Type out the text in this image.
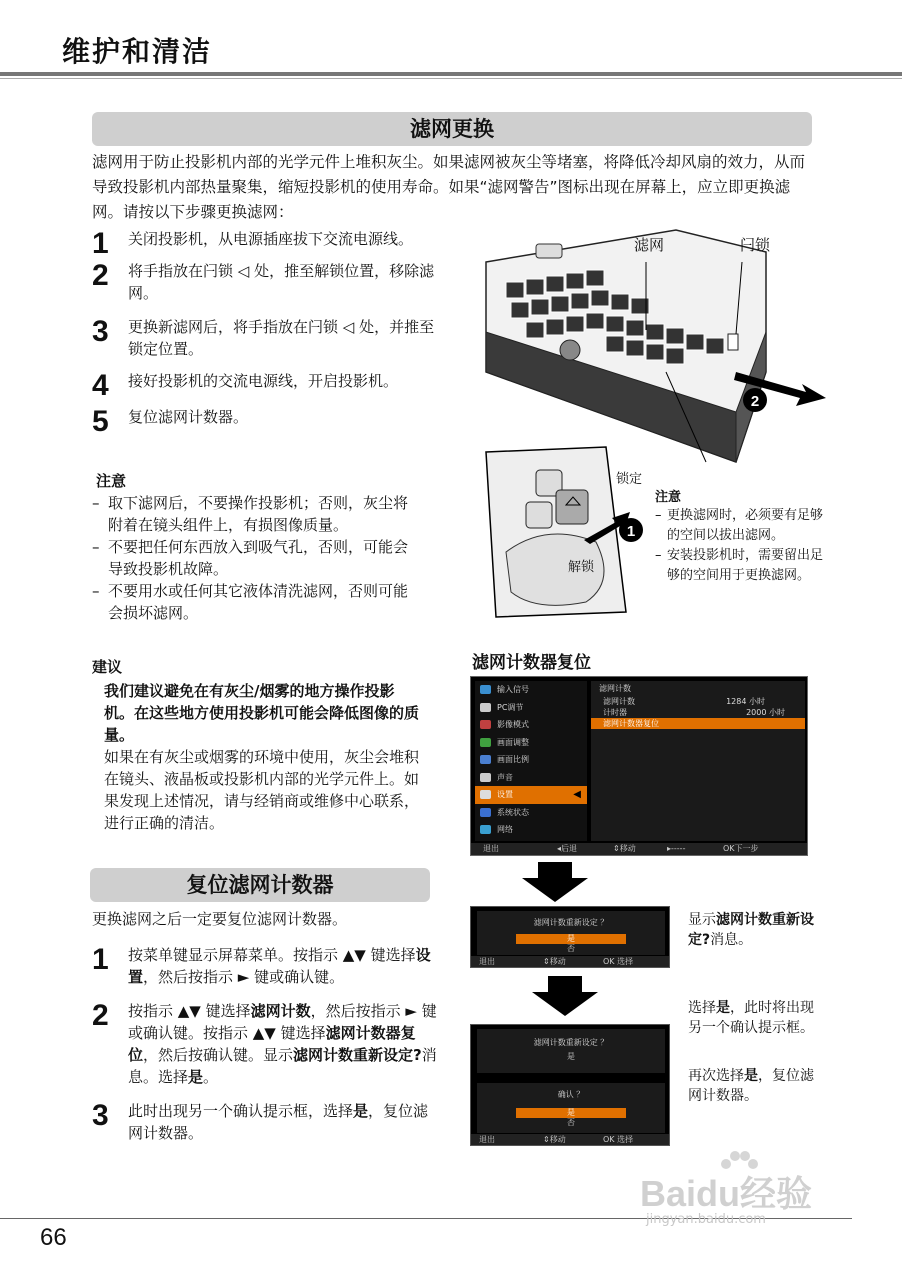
维护和清洁
滤网更换
滤网用于防止投影机内部的光学元件上堆积灰尘。如果滤网被灰尘等堵塞，将降低冷却风扇的效力，从而导致投影机内部热量聚集，缩短投影机的使用寿命。如果“滤网警告”图标出现在屏幕上，应立即更换滤网。请按以下步骤更换滤网：
1 关闭投影机，从电源插座拔下交流电源线。
2 将手指放在闩锁 ◁ 处，推至解锁位置，移除滤网。
3 更换新滤网后，将手指放在闩锁 ◁ 处，并推至锁定位置。
4 接好投影机的交流电源线，开启投影机。
5 复位滤网计数器。
注意
– 取下滤网后，不要操作投影机；否则，灰尘将附着在镜头组件上，有损图像质量。
– 不要把任何东西放入到吸气孔，否则，可能会导致投影机故障。
– 不要用水或任何其它液体清洗滤网，否则可能会损坏滤网。
建议
我们建议避免在有灰尘/烟雾的地方操作投影机。在这些地方使用投影机可能会降低图像的质量。
如果在有灰尘或烟雾的环境中使用，灰尘会堆积在镜头、液晶板或投影机内部的光学元件上。如果发现上述情况，请与经销商或维修中心联系，进行正确的清洁。
2
1
滤网	闩锁
锁定
解锁
注意
– 更换滤网时，必须要有足够的空间以拔出滤网。
– 安装投影机时，需要留出足够的空间用于更换滤网。
滤网计数器复位
输入信号
PC调节
影像模式
画面调整
画面比例
声音
设置	◀
系统状态
网络
滤网计数
滤网计数	1284 小时
计时器	2000 小时
滤网计数器复位
退出	◂后退	⇕移动	▸-----	OK下一步
滤网计数重新设定 ？
是
否
退出	⇕移动	OK 选择
滤网计数重新设定 ？
是
确认 ？
是
否
退出	⇕移动	OK 选择
显示滤网计数重新设定?消息。
选择是，此时将出现另一个确认提示框。
再次选择是，复位滤网计数器。
复位滤网计数器
更换滤网之后一定要复位滤网计数器。
1 按菜单键显示屏幕菜单。按指示 ▲▼ 键选择设置，然后按指示 ► 键或确认键。
2 按指示 ▲▼ 键选择滤网计数，然后按指示 ► 键或确认键。按指示 ▲▼ 键选择滤网计数器复位，然后按确认键。显示滤网计数重新设定?消息。选择是。
3 此时出现另一个确认提示框，选择是，复位滤网计数器。
66
Baidu经验
jingyan.baidu.com
